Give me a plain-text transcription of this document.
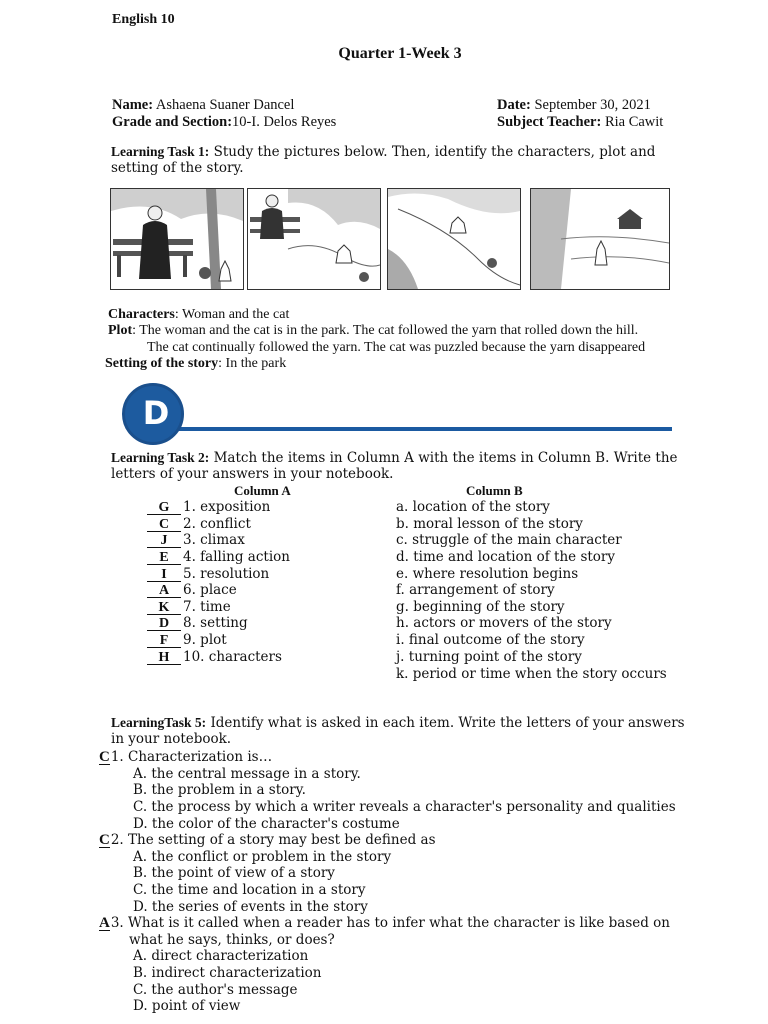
English 10
Quarter 1-Week 3
Name: Ashaena Suaner Dancel
Grade and Section:10-I. Delos Reyes
Date: September 30, 2021
Subject Teacher: Ria Cawit
Learning Task 1: Study the pictures below. Then, identify the characters, plot and setting of the story.
Characters: Woman and the cat
Plot: The woman and the cat is in the park. The cat followed the yarn that rolled down the hill.
The cat continually followed the yarn. The cat was puzzled because the yarn disappeared
Setting of the story: In the park
D
Learning Task 2: Match the items in Column A with the items in Column B. Write the letters of your answers in your notebook.
Column A	Column B
G 1. exposition
C 2. conflict
J 3. climax
E 4. falling action
I 5. resolution
A 6. place
K 7. time
D 8. setting
F 9. plot
H 10. characters
a. location of the story
b. moral lesson of the story
c. struggle of the main character
d. time and location of the story
e. where resolution begins
f. arrangement of story
g. beginning of the story
h. actors or movers of the story
i. final outcome of the story
j. turning point of the story
k. period or time when the story occurs
LearningTask 5: Identify what is asked in each item. Write the letters of your answers in your notebook.
C1. Characterization is…
A. the central message in a story.
B. the problem in a story.
C. the process by which a writer reveals a character's personality and qualities
D. the color of the character's costume
C2. The setting of a story may best be defined as
A. the conflict or problem in the story
B. the point of view of a story
C. the time and location in a story
D. the series of events in the story
A3. What is it called when a reader has to infer what the character is like based on
what he says, thinks, or does?
A. direct characterization
B. indirect characterization
C. the author's message
D. point of view
